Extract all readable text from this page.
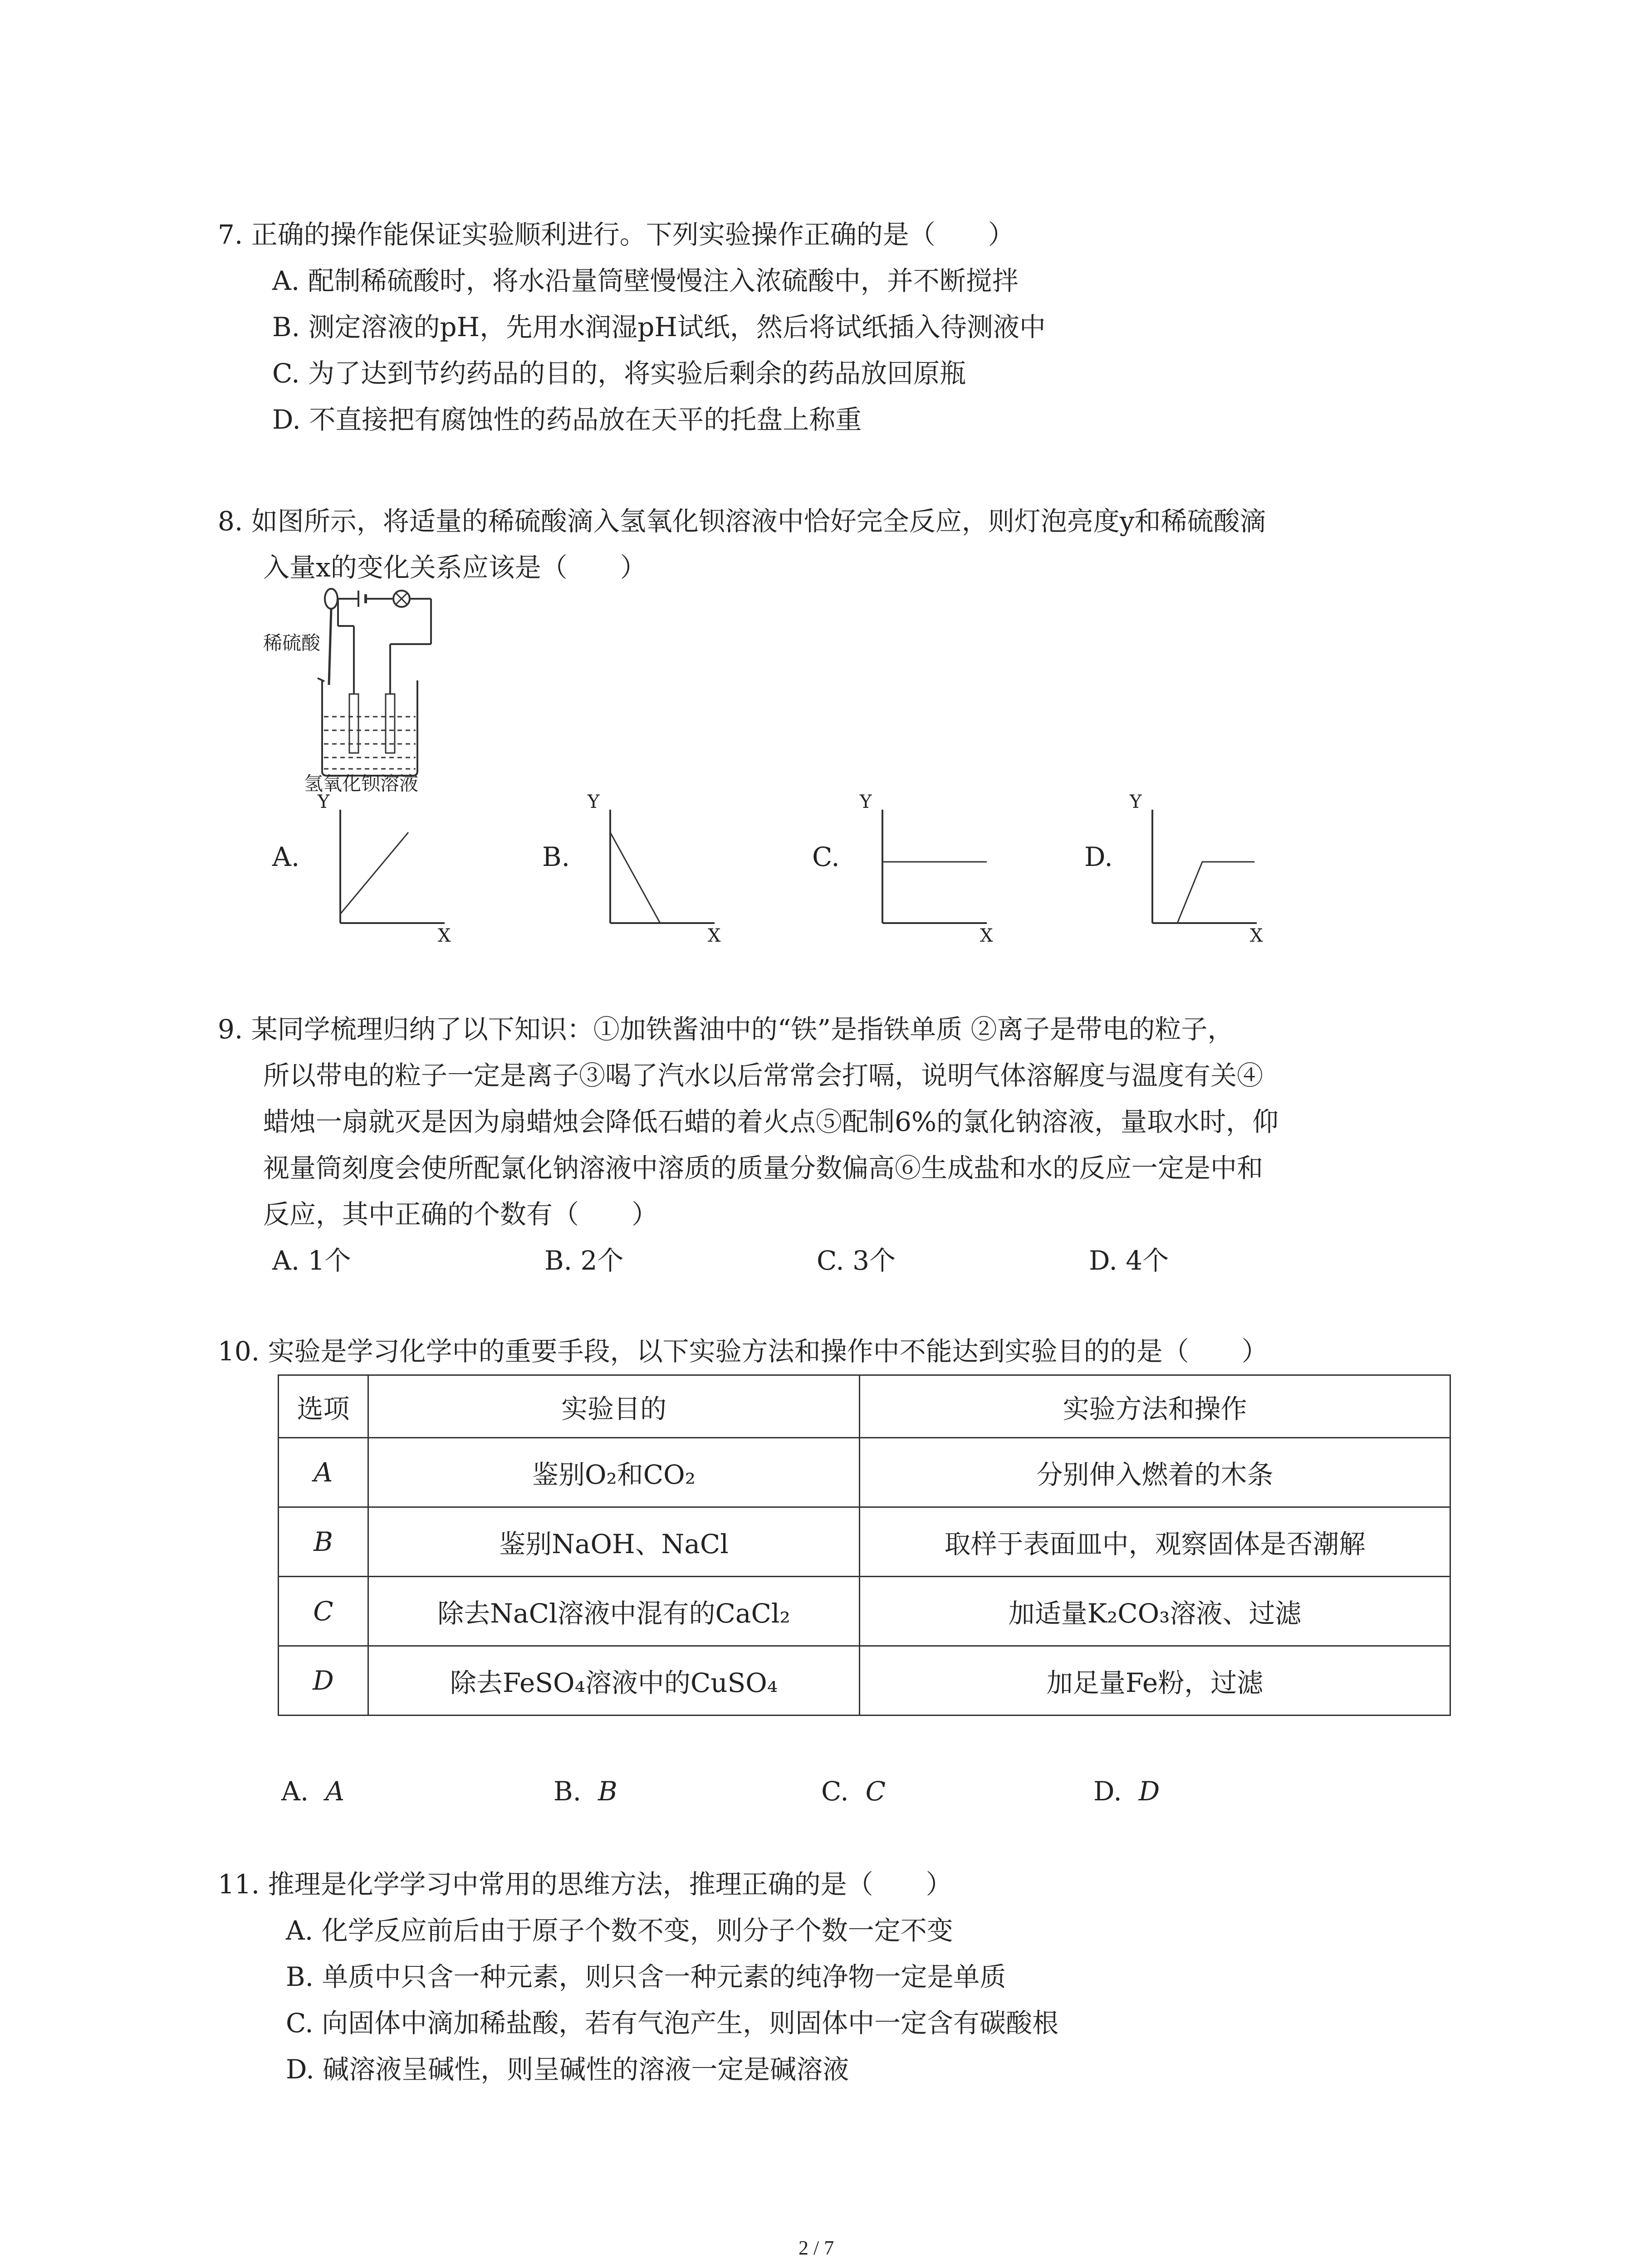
7. 正确的操作能保证实验顺利进行。下列实验操作正确的是（　　）
A. 配制稀硫酸时，将水沿量筒壁慢慢注入浓硫酸中，并不断搅拌
B. 测定溶液的pH，先用水润湿pH试纸，然后将试纸插入待测液中
C. 为了达到节约药品的目的，将实验后剩余的药品放回原瓶
D. 不直接把有腐蚀性的药品放在天平的托盘上称重
8. 如图所示，将适量的稀硫酸滴入氢氧化钡溶液中恰好完全反应，则灯泡亮度y和稀硫酸滴
入量x的变化关系应该是（　　）
稀硫酸
氢氧化钡溶液
A.
Y
X
B.
Y
X
C.
Y
X
D.
Y
X
9. 某同学梳理归纳了以下知识：①加铁酱油中的“铁”是指铁单质 ②离子是带电的粒子，
所以带电的粒子一定是离子③喝了汽水以后常常会打嗝，说明气体溶解度与温度有关④
蜡烛一扇就灭是因为扇蜡烛会降低石蜡的着火点⑤配制6%的氯化钠溶液，量取水时，仰
视量筒刻度会使所配氯化钠溶液中溶质的质量分数偏高⑥生成盐和水的反应一定是中和
反应，其中正确的个数有（　　）
A. 1个	B. 2个	C. 3个	D. 4个
10. 实验是学习化学中的重要手段，以下实验方法和操作中不能达到实验目的的是（　　）
选项	实验目的	实验方法和操作
A	鉴别O₂和CO₂	分别伸入燃着的木条
B	鉴别NaOH、NaCl	取样于表面皿中，观察固体是否潮解
C	除去NaCl溶液中混有的CaCl₂	加适量K₂CO₃溶液、过滤
D	除去FeSO₄溶液中的CuSO₄	加足量Fe粉，过滤
A. A	B. B	C. C	D. D
11. 推理是化学学习中常用的思维方法，推理正确的是（　　）
A. 化学反应前后由于原子个数不变，则分子个数一定不变
B. 单质中只含一种元素，则只含一种元素的纯净物一定是单质
C. 向固体中滴加稀盐酸，若有气泡产生，则固体中一定含有碳酸根
D. 碱溶液呈碱性，则呈碱性的溶液一定是碱溶液
2 / 7
